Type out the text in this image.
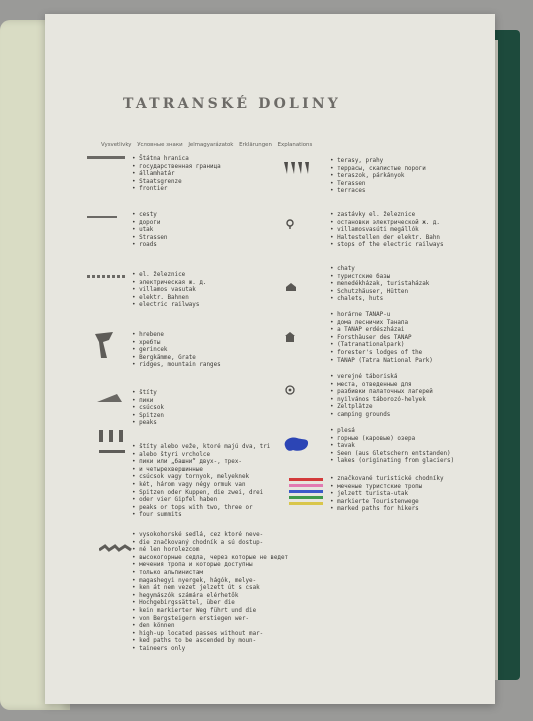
TATRANSKÉ DOLINY
Vysvetlivky Условные знаки Jelmagyarázatok Erklärungen Explanations
• Štátna hranica
• государственная граница
• államhatár
• Staatsgrenze
• frontier
• cesty
• дороги
• utak
• Strassen
• roads
• el. železnice
• электрическая ж. д.
• villamos vasutak
• elektr. Bahnen
• electric railways
• hrebene
• хребты
• gerincek
• Bergkämme, Grate
• ridges, mountain ranges
• štíty
• пики
• csúcsok
• Spitzen
• peaks
• štíty alebo veže, ktoré majú dva, tri
• alebo štyri vrcholce
• пики или „башни“ двух-, трех-
• и четырехвершинные
• csúcsok vagy tornyok, melyeknek
• két, három vagy négy ormuk van
• Spitzen oder Kuppen, die zwei, drei
• oder vier Gipfel haben
• peaks or tops with two, three or
• four summits
• vysokohorské sedlá, cez ktoré neve-
• die značkovaný chodník a sú dostup-
• né len horolezcom
• высокогорные седла, через которые не ведет
• мечения тропа и которые доступны
• только альпинистам
• magashegyi nyergek, hágók, melye-
• ken át nem vezet jelzett út s csak
• hegymászók számára elérhetők
• Hochgebirgssättel, über die
• kein markierter Weg führt und die
• von Bergsteigern erstiegen wer-
• den können
• high-up located passes without mar-
• ked paths to be ascended by moun-
• taineers only
• terasy, prahy
• террасы, скалистые пороги
• teraszok, párkányok
• Terassen
• terraces
• zastávky el. železnice
• остановки электрической ж. д.
• villamosvasúti megállók
• Haltestellen der elektr. Bahn
• stops of the electric railways
• chaty
• туристские базы
• menedékházak, turistaházak
• Schutzhäuser, Hütten
• chalets, huts
• horárne TANAP-u
• дома лесничих Танапа
• a TANAP erdészházai
• Forsthäuser des TANAP
• (Tatranationalpark)
• forester's lodges of the
• TANAP (Tatra National Park)
• verejné táboriská
• места, отведенные для
• разбивки палаточных лагерей
• nyilvános táborozó-helyek
• Zeltplätze
• camping grounds
• plesá
• горные (каровые) озера
• tavak
• Seen (aus Gletschern entstanden)
• lakes (originating from glaciers)
• značkované turistické chodníky
• меченые туристские тропы
• jelzett turista-utak
• markierte Touristenwege
• marked paths for hikers
